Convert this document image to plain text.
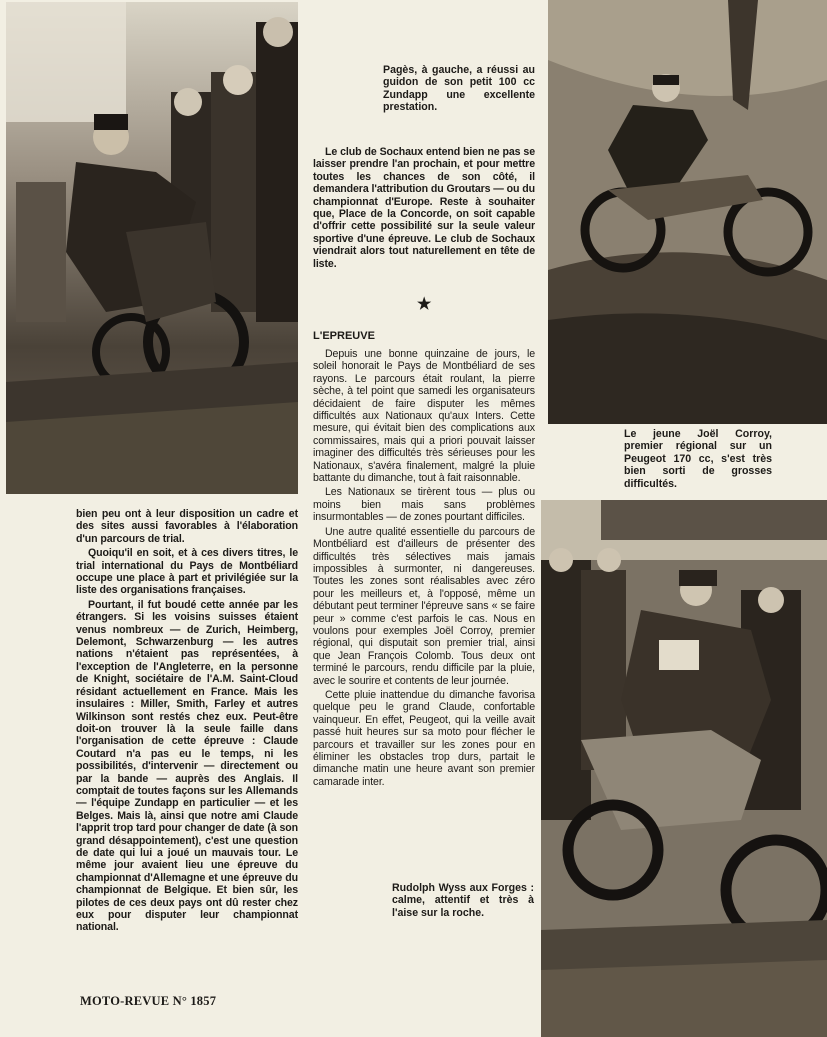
Pagès, à gauche, a réussi au guidon de son petit 100 cc Zundapp une excellente prestation.
Le jeune Joël Corroy, premier régional sur un Peugeot 170 cc, s'est très bien sorti de grosses difficultés.
Rudolph Wyss aux Forges : calme, attentif et très à l'aise sur la roche.

Le club de Sochaux entend bien ne pas se laisser prendre l'an prochain, et pour mettre toutes les chances de son côté, il demandera l'attribution du Groutars — ou du championnat d'Europe. Reste à souhaiter que, Place de la Concorde, on soit capable d'offrir cette possibilité sur la seule valeur sportive d'une épreuve. Le club de Sochaux viendrait alors tout naturellement en tête de liste.

★
L'EPREUVE

Depuis une bonne quinzaine de jours, le soleil honorait le Pays de Montbéliard de ses rayons. Le parcours était roulant, la pierre sèche, à tel point que samedi les organisateurs décidaient de faire disputer les mêmes difficultés aux Nationaux qu'aux Inters. Cette mesure, qui évitait bien des complications aux commissaires, mais qui a priori pouvait laisser imaginer des difficultés très sérieuses pour les Nationaux, s'avéra finalement, malgré la pluie battante du dimanche, tout à fait raisonnable.

Les Nationaux se tirèrent tous — plus ou moins bien mais sans problèmes insurmontables — de zones pourtant difficiles.

Une autre qualité essentielle du parcours de Montbéliard est d'ailleurs de présenter des difficultés très sélectives mais jamais impossibles à surmonter, ni dangereuses. Toutes les zones sont réalisables avec zéro pour les meilleurs et, à l'opposé, même un débutant peut terminer l'épreuve sans « se faire peur » comme c'est parfois le cas. Nous en voulons pour exemples Joël Corroy, premier régional, qui disputait son premier trial, ainsi que Jean François Colomb. Tous deux ont terminé le parcours, rendu difficile par la pluie, avec le sourire et contents de leur journée.

Cette pluie inattendue du dimanche favorisa quelque peu le grand Claude, confortable vainqueur. En effet, Peugeot, qui la veille avait passé huit heures sur sa moto pour flécher le parcours et travailler sur les zones pour en éliminer les obstacles trop durs, partait le dimanche matin une heure avant son premier camarade inter.

bien peu ont à leur disposition un cadre et des sites aussi favorables à l'élaboration d'un parcours de trial.

Quoiqu'il en soit, et à ces divers titres, le trial international du Pays de Montbéliard occupe une place à part et privilégiée sur la liste des organisations françaises.

Pourtant, il fut boudé cette année par les étrangers. Si les voisins suisses étaient venus nombreux — de Zurich, Heimberg, Delemont, Schwarzenburg — les autres nations n'étaient pas représentées, à l'exception de l'Angleterre, en la personne de Knight, sociétaire de l'A.M. Saint-Cloud résidant actuellement en France. Mais les insulaires : Miller, Smith, Farley et autres Wilkinson sont restés chez eux. Peut-être doit-on trouver là la seule faille dans l'organisation de cette épreuve : Claude Coutard n'a pas eu le temps, ni les possibilités, d'intervenir — directement ou par la bande — auprès des Anglais. Il comptait de toutes façons sur les Allemands — l'équipe Zundapp en particulier — et les Belges. Mais là, ainsi que notre ami Claude l'apprit trop tard pour changer de date (à son grand désappointement), c'est une question de date qui lui a joué un mauvais tour. Le même jour avaient lieu une épreuve du championnat d'Allemagne et une épreuve du championnat de Belgique. Et bien sûr, les pilotes de ces deux pays ont dû rester chez eux pour disputer leur championnat national.

MOTO-REVUE N° 1857
